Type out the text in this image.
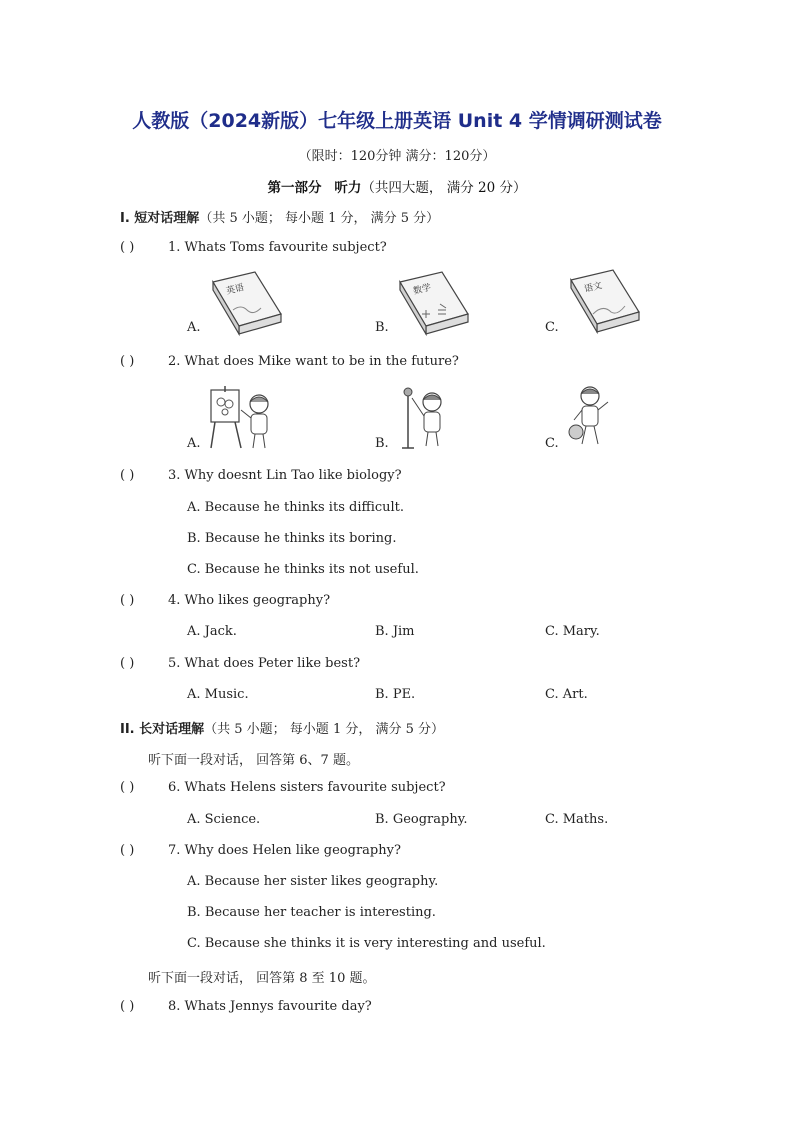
人教版（2024新版）七年级上册英语 Unit 4 学情调研测试卷
（限时：120分钟 满分：120分）
第一部分 听力（共四大题， 满分 20 分）
I. 短对话理解（共 5 小题； 每小题 1 分， 满分 5 分）
( )	1. Whats Toms favourite subject?
A.
英语
B.
数学
C.
语文
( )	2. What does Mike want to be in the future?
A.	B.	C.
( )	3. Why doesnt Lin Tao like biology?
A. Because he thinks its difficult.
B. Because he thinks its boring.
C. Because he thinks its not useful.
( )	4. Who likes geography?
A. Jack.	B. Jim	C. Mary.
( )	5. What does Peter like best?
A. Music.	B. PE.	C. Art.
II. 长对话理解（共 5 小题； 每小题 1 分， 满分 5 分）
听下面一段对话， 回答第 6、7 题。
( )	6. Whats Helens sisters favourite subject?
A. Science.	B. Geography.	C. Maths.
( )	7. Why does Helen like geography?
A. Because her sister likes geography.
B. Because her teacher is interesting.
C. Because she thinks it is very interesting and useful.
听下面一段对话， 回答第 8 至 10 题。
( )	8. Whats Jennys favourite day?
